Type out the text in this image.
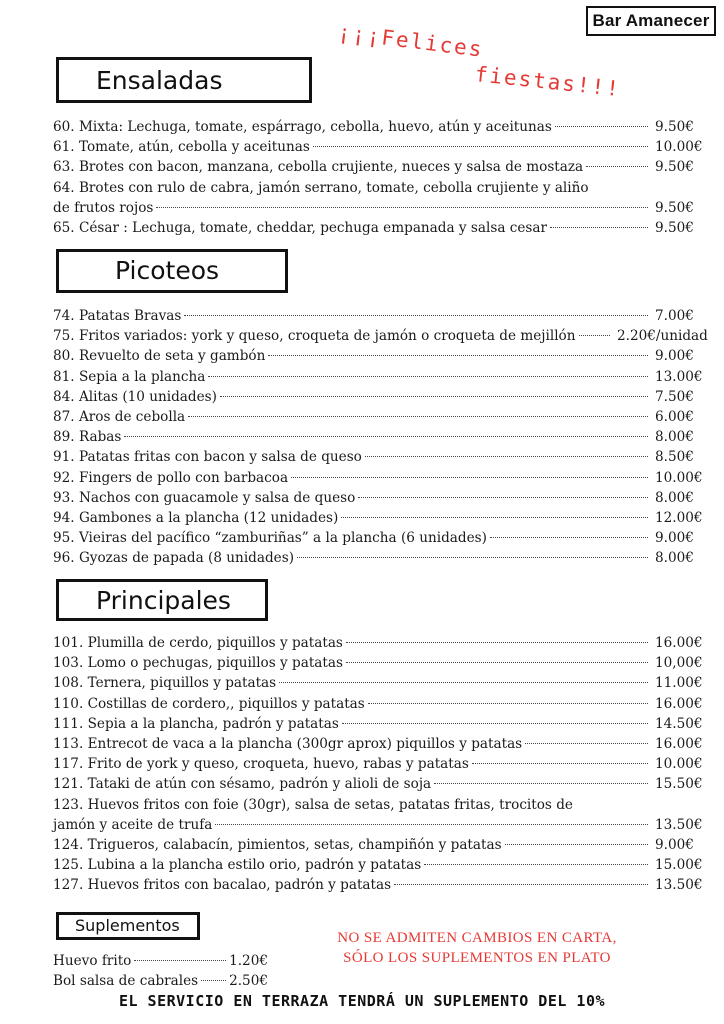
Bar Amanecer
¡¡¡Felices
fiestas!!!
Ensaladas
60. Mixta: Lechuga, tomate, espárrago, cebolla, huevo, atún y aceitunas	9.50€
61. Tomate, atún, cebolla y aceitunas	10.00€
63. Brotes con bacon, manzana, cebolla crujiente, nueces y salsa de mostaza	9.50€
64. Brotes con rulo de cabra, jamón serrano, tomate, cebolla crujiente y aliño
de frutos rojos	9.50€
65. César : Lechuga, tomate, cheddar, pechuga empanada y salsa cesar	9.50€
Picoteos
74. Patatas Bravas	7.00€
75. Fritos variados: york y queso, croqueta de jamón o croqueta de mejillón	2.20€/unidad
80. Revuelto de seta y gambón	9.00€
81. Sepia a la plancha	13.00€
84. Alitas (10 unidades)	7.50€
87. Aros de cebolla	6.00€
89. Rabas	8.00€
91. Patatas fritas con bacon y salsa de queso	8.50€
92. Fingers de pollo con barbacoa	10.00€
93. Nachos con guacamole y salsa de queso	8.00€
94. Gambones a la plancha (12 unidades)	12.00€
95. Vieiras del pacífico “zamburiñas” a la plancha (6 unidades)	9.00€
96. Gyozas de papada (8 unidades)	8.00€
Principales
101. Plumilla de cerdo, piquillos y patatas	16.00€
103. Lomo o pechugas, piquillos y patatas	10,00€
108. Ternera, piquillos y patatas	11.00€
110. Costillas de cordero,, piquillos y patatas	16.00€
111. Sepia a la plancha, padrón y patatas	14.50€
113. Entrecot de vaca a la plancha (300gr aprox) piquillos y patatas	16.00€
117. Frito de york y queso, croqueta, huevo, rabas y patatas	10.00€
121. Tataki de atún con sésamo, padrón y alioli de soja	15.50€
123. Huevos fritos con foie (30gr), salsa de setas, patatas fritas, trocitos de
jamón y aceite de trufa	13.50€
124. Trigueros, calabacín, pimientos, setas, champiñón y patatas	9.00€
125. Lubina a la plancha estilo orio, padrón y patatas	15.00€
127. Huevos fritos con bacalao, padrón y patatas	13.50€
Suplementos
Huevo frito	1.20€
Bol salsa de cabrales 2.50€
NO SE ADMITEN CAMBIOS EN CARTA,
SÓLO LOS SUPLEMENTOS EN PLATO
EL SERVICIO EN TERRAZA TENDRÁ UN SUPLEMENTO DEL 10%
